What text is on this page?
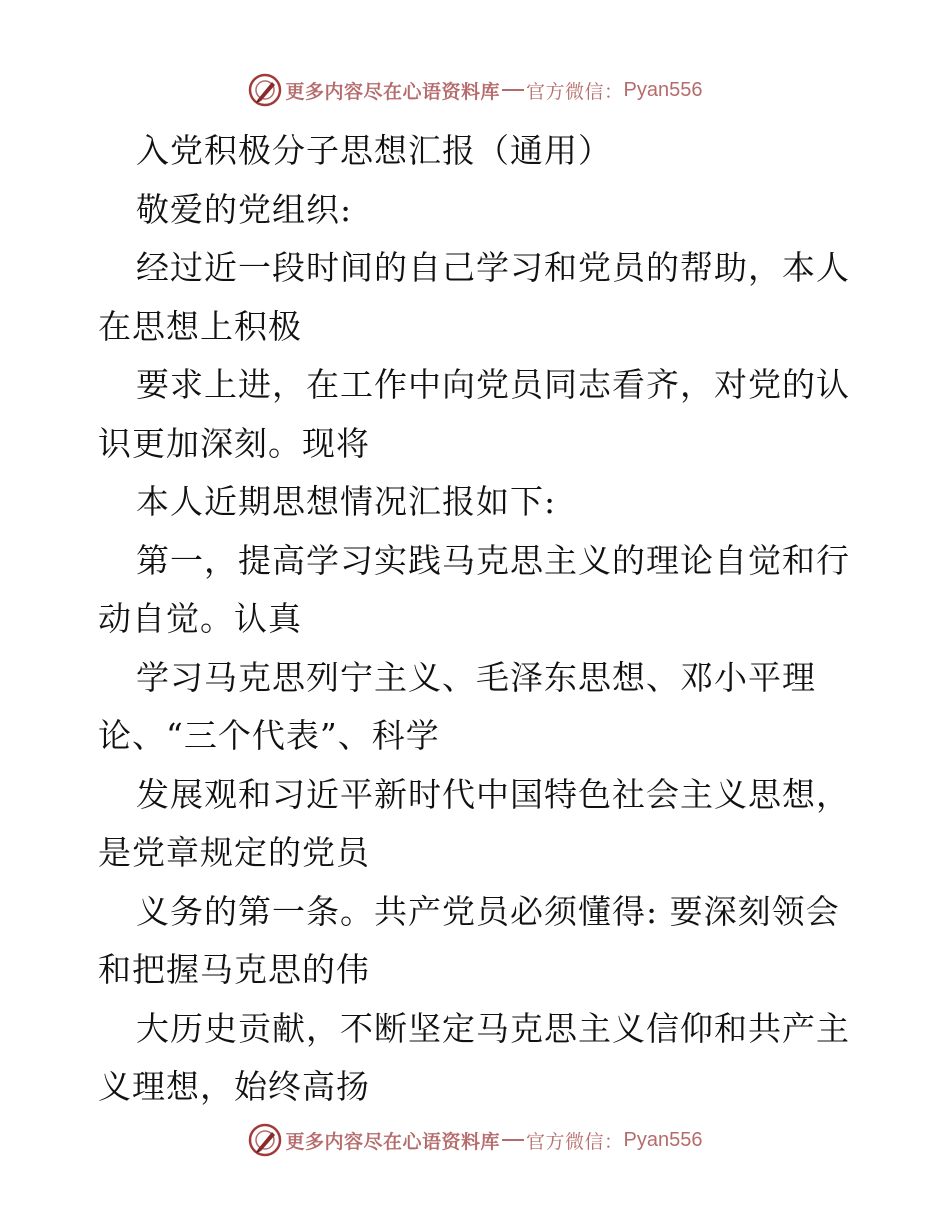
更多内容尽在心语资料库 官方微信： Pyan556
入党积极分子思想汇报（通用）
敬爱的党组织:
经过近一段时间的自己学习和党员的帮助，本人
在思想上积极
要求上进，在工作中向党员同志看齐，对党的认
识更加深刻。现将
本人近期思想情况汇报如下:
第一，提高学习实践马克思主义的理论自觉和行
动自觉。认真
学习马克思列宁主义、毛泽东思想、邓小平理
论、“三个代表”、科学
发展观和习近平新时代中国特色社会主义思想，
是党章规定的党员
义务的第一条。共产党员必须懂得: 要深刻领会
和把握马克思的伟
大历史贡献，不断坚定马克思主义信仰和共产主
义理想，始终高扬
更多内容尽在心语资料库 官方微信： Pyan556
